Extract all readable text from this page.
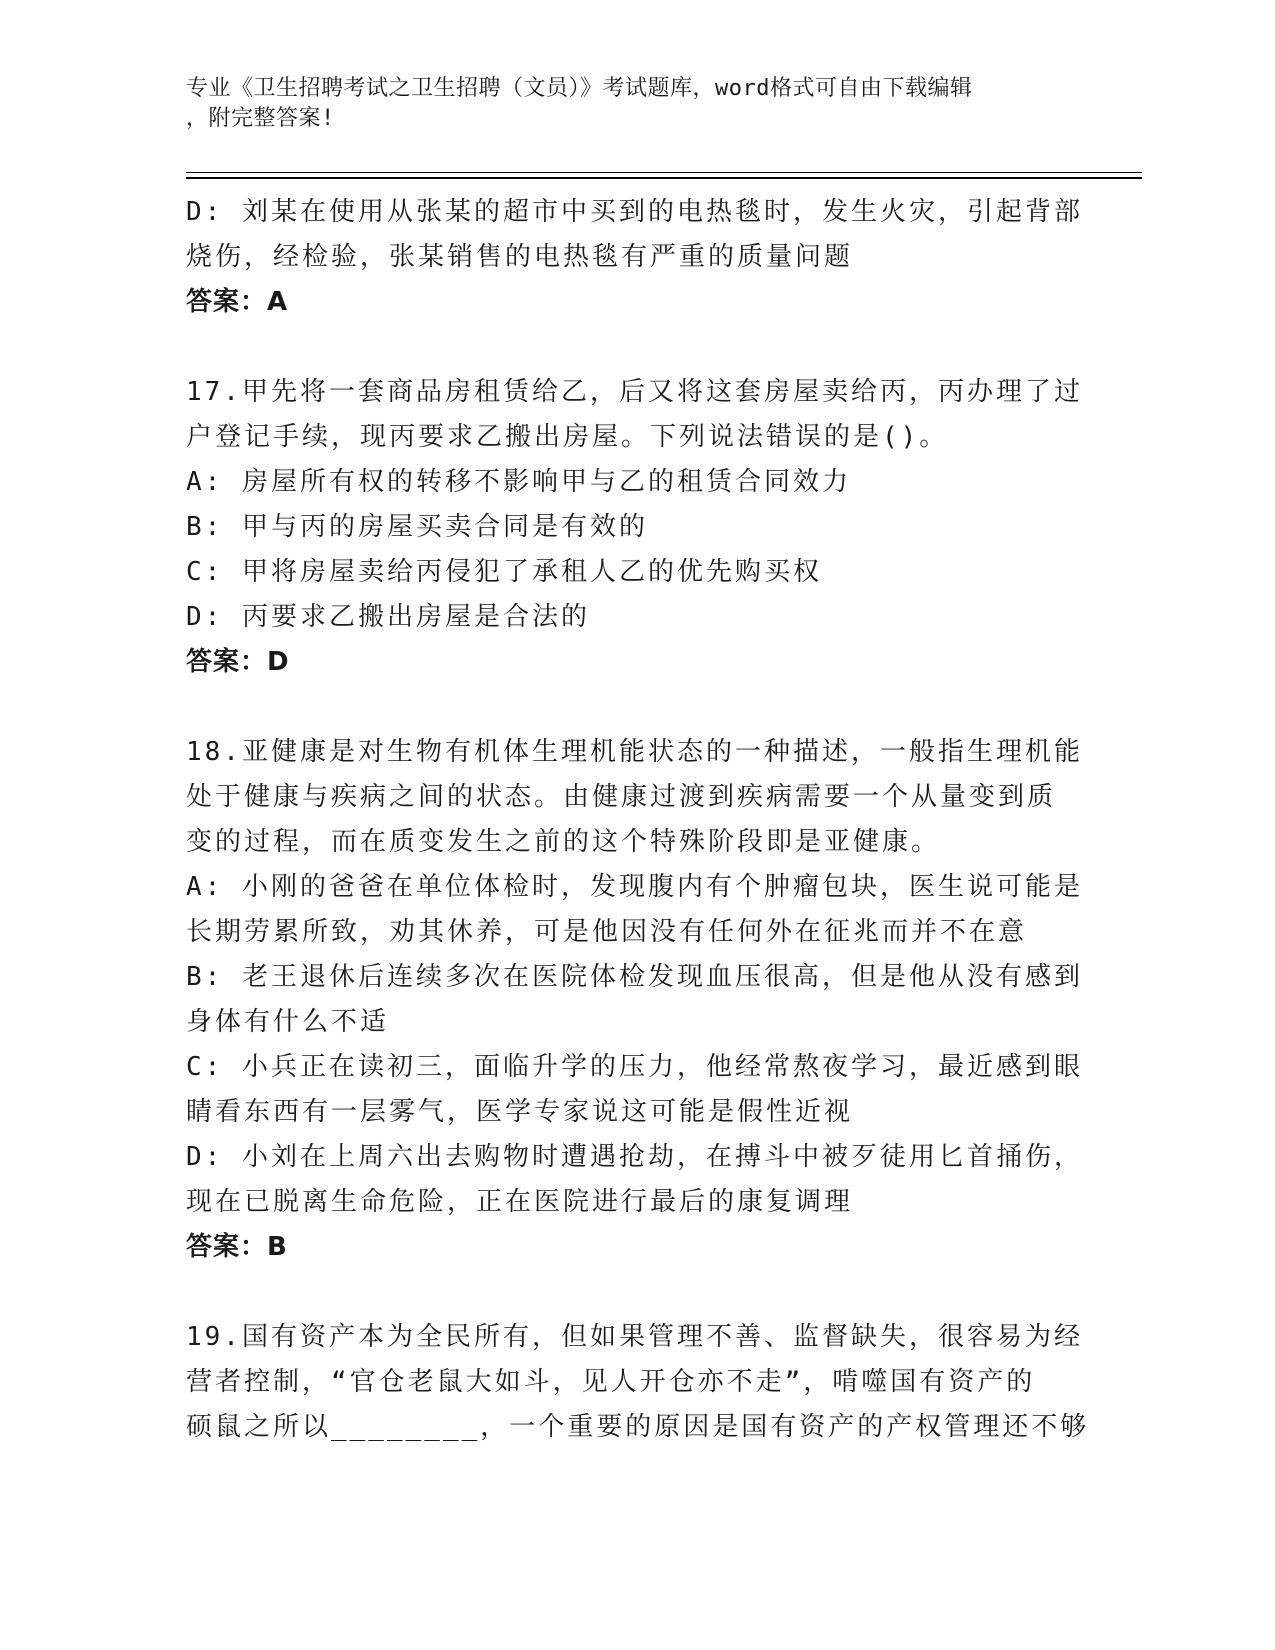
专业《卫生招聘考试之卫生招聘（文员）》考试题库，word格式可自由下载编辑
，附完整答案!
D: 刘某在使用从张某的超市中买到的电热毯时，发生火灾，引起背部
烧伤，经检验，张某销售的电热毯有严重的质量问题
答案：A
17.甲先将一套商品房租赁给乙，后又将这套房屋卖给丙，丙办理了过
户登记手续，现丙要求乙搬出房屋。下列说法错误的是()。
A: 房屋所有权的转移不影响甲与乙的租赁合同效力
B: 甲与丙的房屋买卖合同是有效的
C: 甲将房屋卖给丙侵犯了承租人乙的优先购买权
D: 丙要求乙搬出房屋是合法的
答案：D
18.亚健康是对生物有机体生理机能状态的一种描述，一般指生理机能
处于健康与疾病之间的状态。由健康过渡到疾病需要一个从量变到质
变的过程，而在质变发生之前的这个特殊阶段即是亚健康。
A: 小刚的爸爸在单位体检时，发现腹内有个肿瘤包块，医生说可能是
长期劳累所致，劝其休养，可是他因没有任何外在征兆而并不在意
B: 老王退休后连续多次在医院体检发现血压很高，但是他从没有感到
身体有什么不适
C: 小兵正在读初三，面临升学的压力，他经常熬夜学习，最近感到眼
睛看东西有一层雾气，医学专家说这可能是假性近视
D: 小刘在上周六出去购物时遭遇抢劫，在搏斗中被歹徒用匕首捅伤，
现在已脱离生命危险，正在医院进行最后的康复调理
答案：B
19.国有资产本为全民所有，但如果管理不善、监督缺失，很容易为经
营者控制，“官仓老鼠大如斗，见人开仓亦不走”，啃噬国有资产的
硕鼠之所以________，一个重要的原因是国有资产的产权管理还不够
